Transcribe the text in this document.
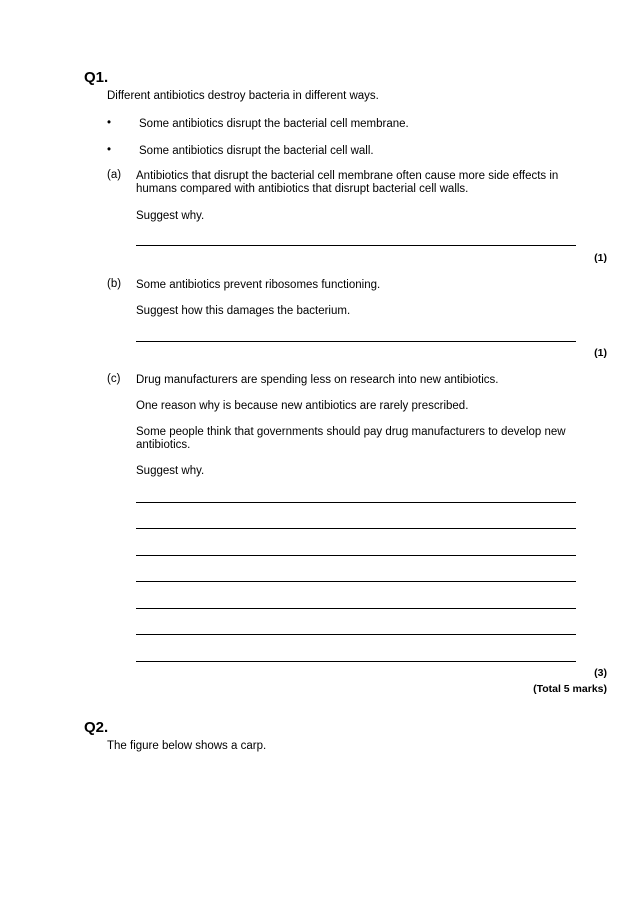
Q1.
Different antibiotics destroy bacteria in different ways.
• Some antibiotics disrupt the bacterial cell membrane.
• Some antibiotics disrupt the bacterial cell wall.
(a) Antibiotics that disrupt the bacterial cell membrane often cause more side effects in
humans compared with antibiotics that disrupt bacterial cell walls.
Suggest why.
(1)
(b) Some antibiotics prevent ribosomes functioning.
Suggest how this damages the bacterium.
(1)
(c) Drug manufacturers are spending less on research into new antibiotics.
One reason why is because new antibiotics are rarely prescribed.
Some people think that governments should pay drug manufacturers to develop new
antibiotics.
Suggest why.
(3)
(Total 5 marks)
Q2.
The figure below shows a carp.
